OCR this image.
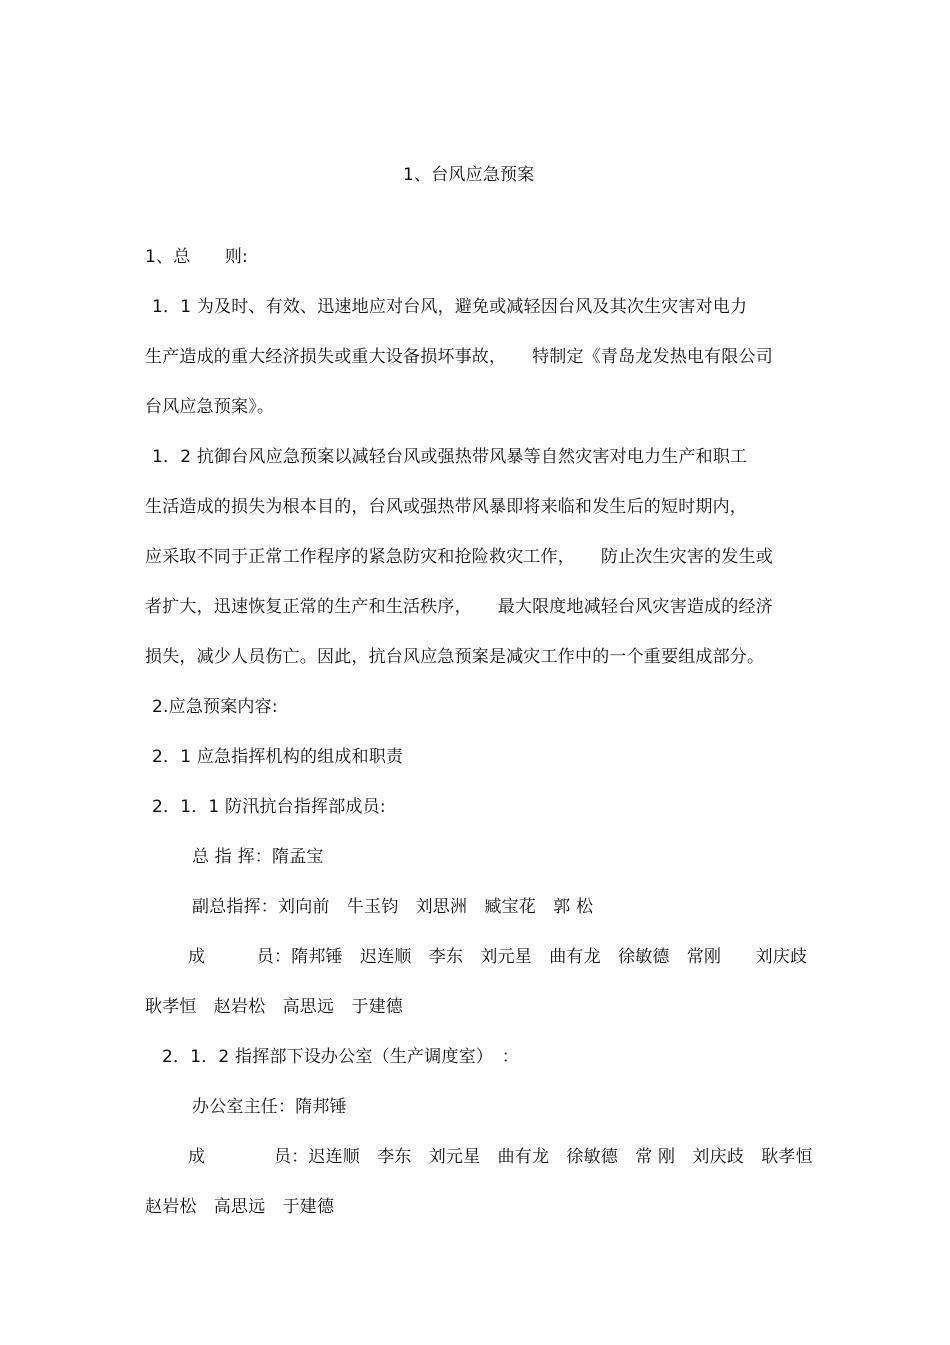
1、台风应急预案
1、总　　则:
1．1 为及时、有效、迅速地应对台风，避免或减轻因台风及其次生灾害对电力
生产造成的重大经济损失或重大设备损坏事故，　　特制定《青岛龙发热电有限公司
台风应急预案》。
1．2 抗御台风应急预案以减轻台风或强热带风暴等自然灾害对电力生产和职工
生活造成的损失为根本目的，台风或强热带风暴即将来临和发生后的短时期内，
应采取不同于正常工作程序的紧急防灾和抢险救灾工作，　　防止次生灾害的发生或
者扩大，迅速恢复正常的生产和生活秩序，　　最大限度地减轻台风灾害造成的经济
损失，减少人员伤亡。因此，抗台风应急预案是减灾工作中的一个重要组成部分。
2.应急预案内容:
2．1 应急指挥机构的组成和职责
2．1．1 防汛抗台指挥部成员:
总 指 挥：隋孟宝
副总指挥：刘向前　牛玉钧　刘思洲　臧宝花　郭 松
成　　　员：隋邦锤　迟连顺　李东　刘元星　曲有龙　徐敏德　常刚　　刘庆歧
耿孝恒　赵岩松　高思远　于建德
2．1．2 指挥部下设办公室（生产调度室）　：
办公室主任：隋邦锤
成　　　　员：迟连顺　李东　刘元星　曲有龙　徐敏德　常 刚　刘庆歧　耿孝恒
赵岩松　高思远　于建德
